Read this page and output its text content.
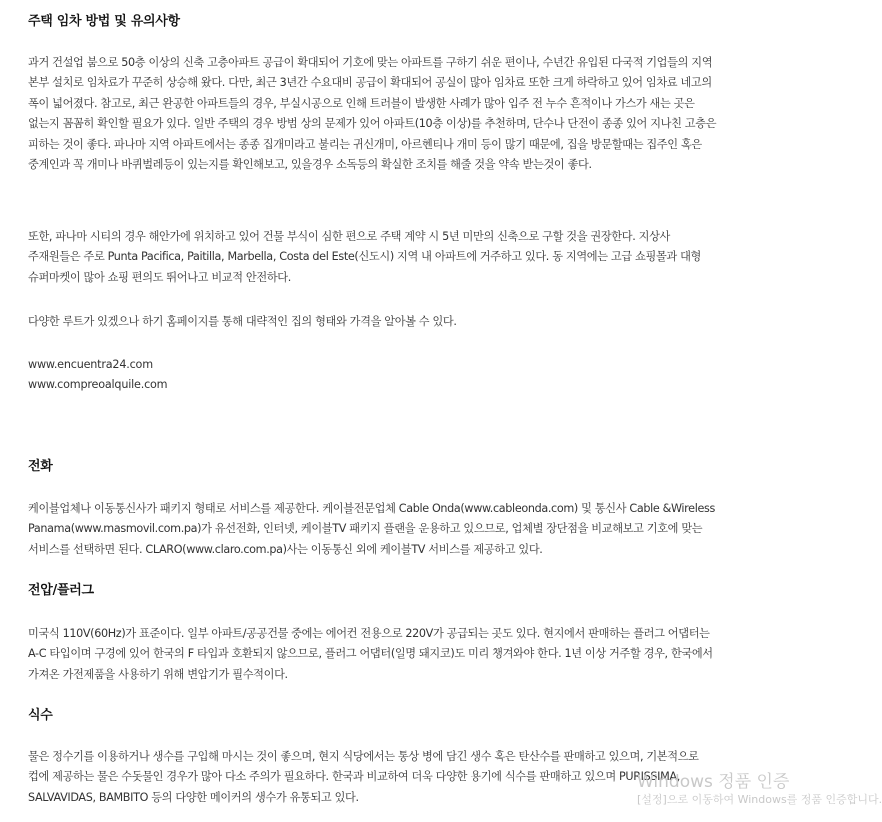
주택 임차 방법 및 유의사항

과거 건설업 붐으로 50층 이상의 신축 고층아파트 공급이 확대되어 기호에 맞는 아파트를 구하기 쉬운 편이나, 수년간 유입된 다국적 기업들의 지역 본부 설치로 임차료가 꾸준히 상승해 왔다. 다만, 최근 3년간 수요대비 공급이 확대되어 공실이 많아 임차료 또한 크게 하락하고 있어 임차료 네고의 폭이 넓어졌다. 참고로, 최근 완공한 아파트들의 경우, 부실시공으로 인해 트러블이 발생한 사례가 많아 입주 전 누수 흔적이나 가스가 새는 곳은 없는지 꼼꼼히 확인할 필요가 있다. 일반 주택의 경우 방범 상의 문제가 있어 아파트(10층 이상)를 추천하며, 단수나 단전이 종종 있어 지나친 고층은 피하는 것이 좋다. 파나마 지역 아파트에서는 종종 집개미라고 불리는 귀신개미, 아르헨티나 개미 등이 많기 때문에, 집을 방문할때는 집주인 혹은 중계인과 꼭 개미나 바퀴벌레등이 있는지를 확인해보고, 있을경우 소독등의 확실한 조치를 해줄 것을 약속 받는것이 좋다.

또한, 파나마 시티의 경우 해안가에 위치하고 있어 건물 부식이 심한 편으로 주택 계약 시 5년 미만의 신축으로 구할 것을 권장한다. 지상사 주재원들은 주로 Punta Pacifica, Paitilla, Marbella, Costa del Este(신도시) 지역 내 아파트에 거주하고 있다. 동 지역에는 고급 쇼핑몰과 대형 슈퍼마켓이 많아 쇼핑 편의도 뛰어나고 비교적 안전하다.

다양한 루트가 있겠으나 하기 홈페이지를 통해 대략적인 집의 형태와 가격을 알아볼 수 있다.

www.encuentra24.com
www.compreoalquile.com
전화

케이블업체나 이동통신사가 패키지 형태로 서비스를 제공한다. 케이블전문업체 Cable Onda(www.cableonda.com) 및 통신사 Cable &Wireless Panama(www.masmovil.com.pa)가 유선전화, 인터넷, 케이블TV 패키지 플랜을 운용하고 있으므로, 업체별 장단점을 비교해보고 기호에 맞는 서비스를 선택하면 된다. CLARO(www.claro.com.pa)사는 이동통신 외에 케이블TV 서비스를 제공하고 있다.

전압/플러그

미국식 110V(60Hz)가 표준이다. 일부 아파트/공공건물 중에는 에어컨 전용으로 220V가 공급되는 곳도 있다. 현지에서 판매하는 플러그 어댑터는 A-C 타입이며 구경에 있어 한국의 F 타입과 호환되지 않으므로, 플러그 어댑터(일명 돼지코)도 미리 챙겨와야 한다. 1년 이상 거주할 경우, 한국에서 가져온 가전제품을 사용하기 위해 변압기가 필수적이다.

식수

물은 정수기를 이용하거나 생수를 구입해 마시는 것이 좋으며, 현지 식당에서는 통상 병에 담긴 생수 혹은 탄산수를 판매하고 있으며, 기본적으로 컵에 제공하는 물은 수돗물인 경우가 많아 다소 주의가 필요하다. 한국과 비교하여 더욱 다양한 용기에 식수를 판매하고 있으며 PURISSIMA, SALVAVIDAS, BAMBITO 등의 다양한 메이커의 생수가 유통되고 있다.

Windows 정품 인증
[설정]으로 이동하여 Windows를 정품 인증합니다.
